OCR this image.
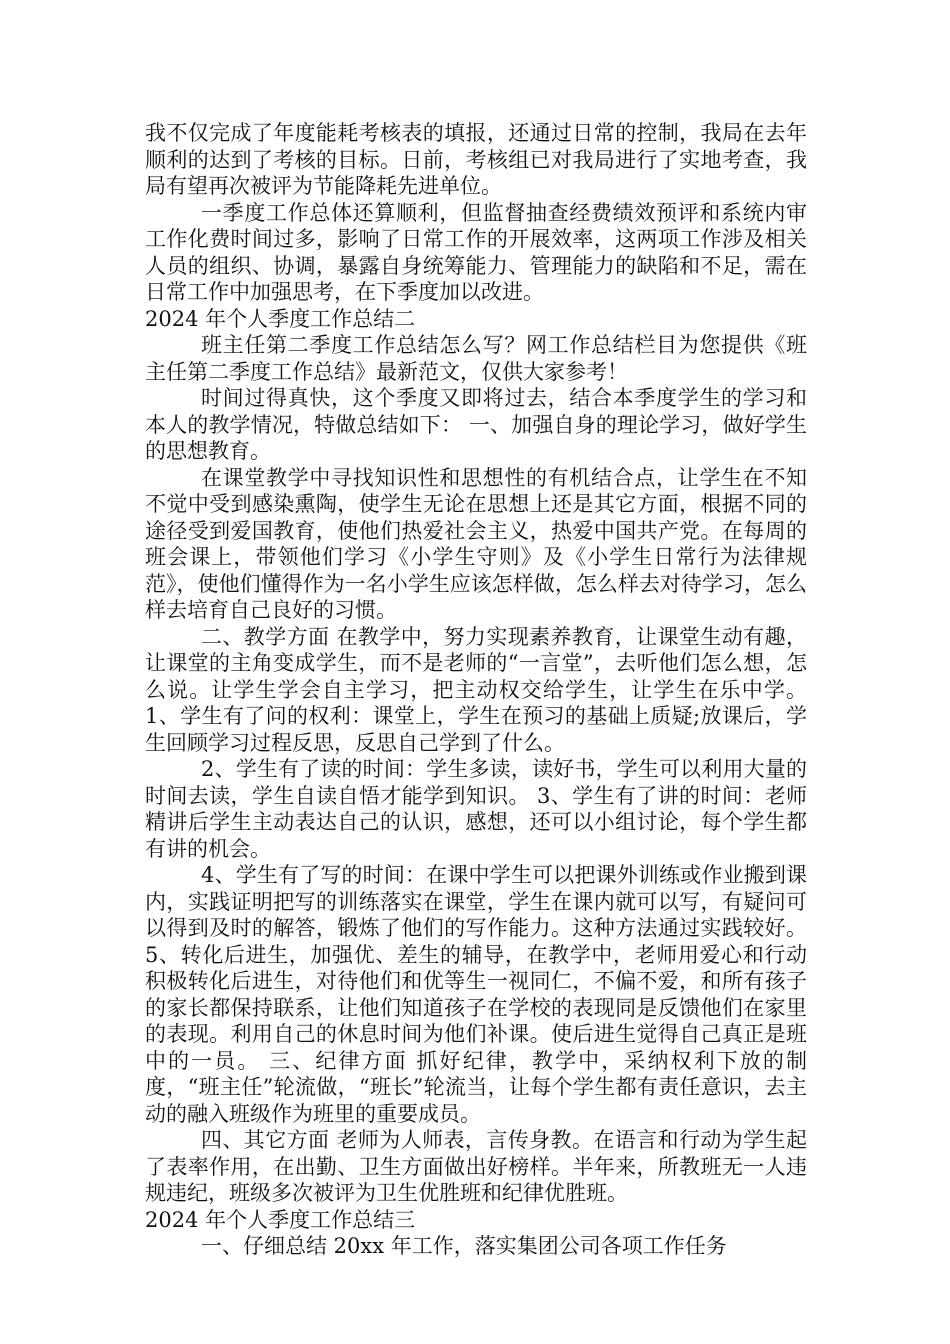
我不仅完成了年度能耗考核表的填报，还通过日常的控制，我局在去年顺利的达到了考核的目标。日前，考核组已对我局进行了实地考查，我局有望再次被评为节能降耗先进单位。

一季度工作总体还算顺利，但监督抽查经费绩效预评和系统内审工作化费时间过多，影响了日常工作的开展效率，这两项工作涉及相关人员的组织、协调，暴露自身统筹能力、管理能力的缺陷和不足，需在日常工作中加强思考，在下季度加以改进。

2024 年个人季度工作总结二

班主任第二季度工作总结怎么写？网工作总结栏目为您提供《班主任第二季度工作总结》最新范文，仅供大家参考！

时间过得真快，这个季度又即将过去，结合本季度学生的学习和本人的教学情况，特做总结如下： 一、加强自身的理论学习，做好学生的思想教育。

在课堂教学中寻找知识性和思想性的有机结合点，让学生在不知不觉中受到感染熏陶，使学生无论在思想上还是其它方面，根据不同的途径受到爱国教育，使他们热爱社会主义，热爱中国共产党。在每周的班会课上，带领他们学习《小学生守则》及《小学生日常行为法律规范》，使他们懂得作为一名小学生应该怎样做，怎么样去对待学习，怎么样去培育自己良好的习惯。

二、教学方面 在教学中，努力实现素养教育，让课堂生动有趣，让课堂的主角变成学生，而不是老师的“一言堂”，去听他们怎么想，怎么说。让学生学会自主学习，把主动权交给学生，让学生在乐中学。 1、学生有了问的权利：课堂上，学生在预习的基础上质疑;放课后，学生回顾学习过程反思，反思自己学到了什么。

2、学生有了读的时间：学生多读，读好书，学生可以利用大量的时间去读，学生自读自悟才能学到知识。 3、学生有了讲的时间：老师精讲后学生主动表达自己的认识，感想，还可以小组讨论，每个学生都有讲的机会。

4、学生有了写的时间：在课中学生可以把课外训练或作业搬到课内，实践证明把写的训练落实在课堂，学生在课内就可以写，有疑问可以得到及时的解答，锻炼了他们的写作能力。这种方法通过实践较好。 5、转化后进生，加强优、差生的辅导，在教学中，老师用爱心和行动积极转化后进生，对待他们和优等生一视同仁，不偏不爱，和所有孩子的家长都保持联系，让他们知道孩子在学校的表现同是反馈他们在家里的表现。利用自己的休息时间为他们补课。使后进生觉得自己真正是班中的一员。 三、纪律方面 抓好纪律，教学中，采纳权利下放的制度，“班主任”轮流做，“班长”轮流当，让每个学生都有责任意识，去主动的融入班级作为班里的重要成员。

四、其它方面 老师为人师表，言传身教。在语言和行动为学生起了表率作用，在出勤、卫生方面做出好榜样。半年来，所教班无一人违规违纪，班级多次被评为卫生优胜班和纪律优胜班。

2024 年个人季度工作总结三

一、仔细总结 20xx 年工作，落实集团公司各项工作任务
